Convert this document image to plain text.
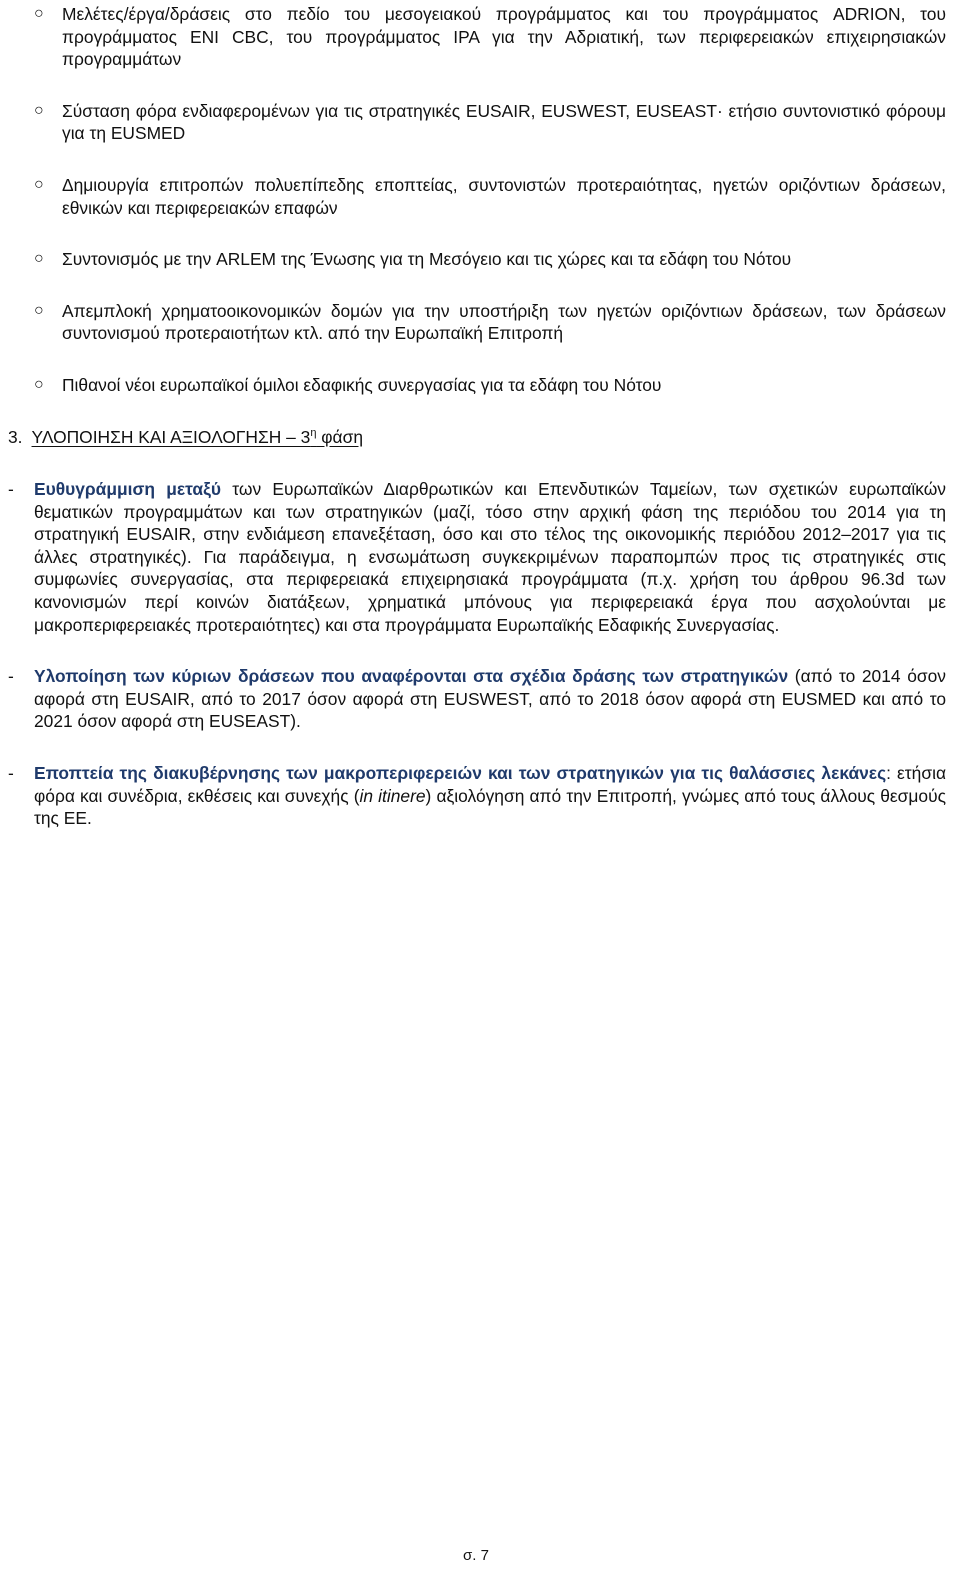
○ Μελέτες/έργα/δράσεις στο πεδίο του μεσογειακού προγράμματος και του προγράμματος ADRION, του προγράμματος ENI CBC, του προγράμματος IPA για την Αδριατική, των περιφερειακών επιχειρησιακών προγραμμάτων
○ Σύσταση φόρα ενδιαφερομένων για τις στρατηγικές EUSAIR, EUSWEST, EUSEAST· ετήσιο συντονιστικό φόρουμ για τη EUSMED
○ Δημιουργία επιτροπών πολυεπίπεδης εποπτείας, συντονιστών προτεραιότητας, ηγετών οριζόντιων δράσεων, εθνικών και περιφερειακών επαφών
○ Συντονισμός με την ARLEM της Ένωσης για τη Μεσόγειο και τις χώρες και τα εδάφη του Νότου
○ Απεμπλοκή χρηματοοικονομικών δομών για την υποστήριξη των ηγετών οριζόντιων δράσεων, των δράσεων συντονισμού προτεραιοτήτων κτλ. από την Ευρωπαϊκή Επιτροπή
○ Πιθανοί νέοι ευρωπαϊκοί όμιλοι εδαφικής συνεργασίας για τα εδάφη του Νότου
3. ΥΛΟΠΟΙΗΣΗ ΚΑΙ ΑΞΙΟΛΟΓΗΣΗ – $3^\eta$ φάση
- Ευθυγράμμιση μεταξύ των Ευρωπαϊκών Διαρθρωτικών και Επενδυτικών Ταμείων, των σχετικών ευρωπαϊκών θεματικών προγραμμάτων και των στρατηγικών (μαζί, τόσο στην αρχική φάση της περιόδου του 2014 για τη στρατηγική EUSAIR, στην ενδιάμεση επανεξέταση, όσο και στο τέλος της οικονομικής περιόδου 2012–2017 για τις άλλες στρατηγικές). Για παράδειγμα, η ενσωμάτωση συγκεκριμένων παραπομπών προς τις στρατηγικές στις συμφωνίες συνεργασίας, στα περιφερειακά επιχειρησιακά προγράμματα (π.χ. χρήση του άρθρου 96.3d των κανονισμών περί κοινών διατάξεων, χρηματικά μπόνους για περιφερειακά έργα που ασχολούνται με μακροπεριφερειακές προτεραιότητες) και στα προγράμματα Ευρωπαϊκής Εδαφικής Συνεργασίας.
- Υλοποίηση των κύριων δράσεων που αναφέρονται στα σχέδια δράσης των στρατηγικών (από το 2014 όσον αφορά στη EUSAIR, από το 2017 όσον αφορά στη EUSWEST, από το 2018 όσον αφορά στη EUSMED και από το 2021 όσον αφορά στη EUSEAST).
- Εποπτεία της διακυβέρνησης των μακροπεριφερειών και των στρατηγικών για τις θαλάσσιες λεκάνες: ετήσια φόρα και συνέδρια, εκθέσεις και συνεχής (in itinere) αξιολόγηση από την Επιτροπή, γνώμες από τους άλλους θεσμούς της ΕΕ.
σ. 7
